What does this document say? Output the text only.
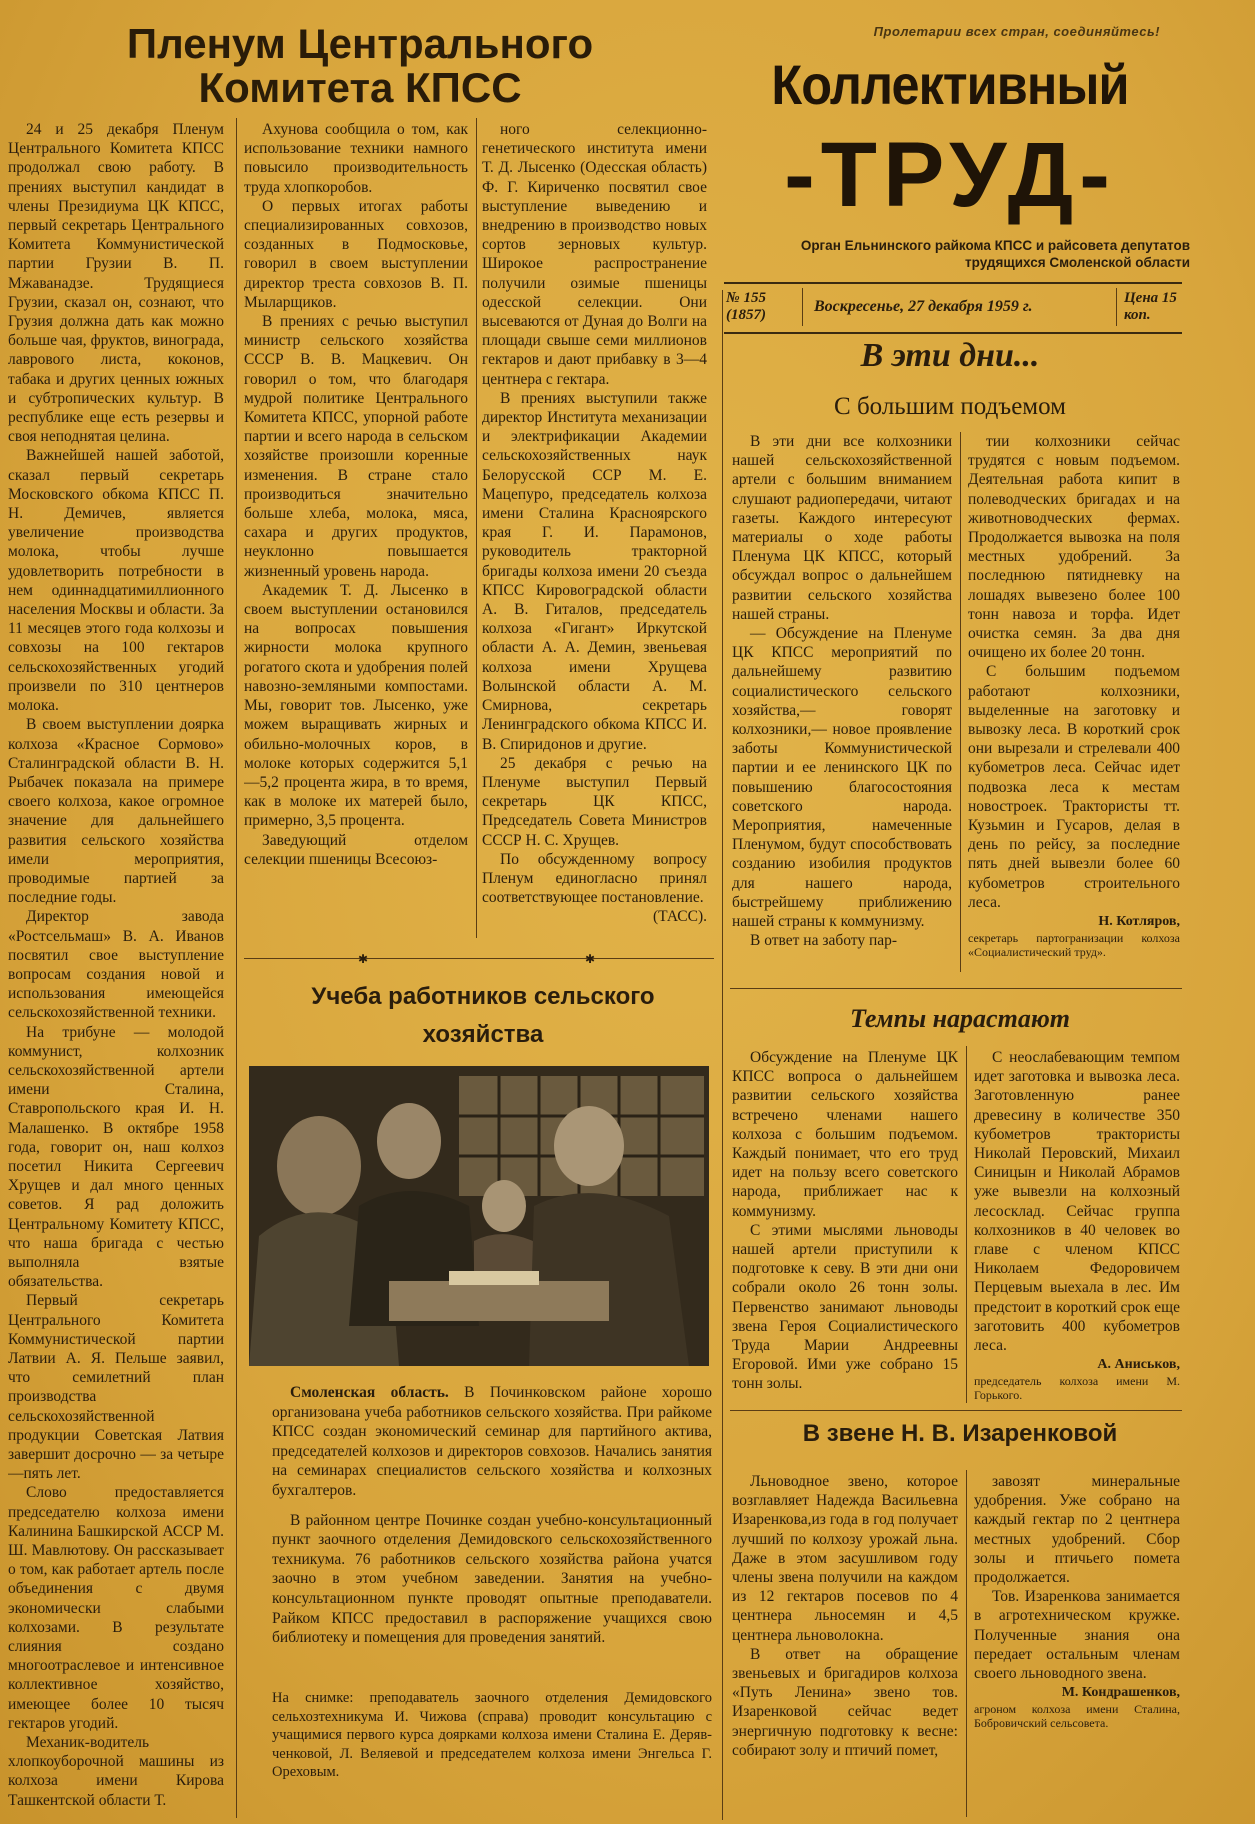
Пленум Центрального Комитета КПСС

24 и 25 декабря Пленум Центрального Комитета КПСС продолжал свою работу. В прениях выступил кандидат в члены Президиума ЦК КПСС, первый секретарь Центрального Комитета Коммунистической партии Грузии В. П. Мжаванадзе. Трудящиеся Грузии, сказал он, сознают, что Грузия должна дать как можно больше чая, фруктов, винограда, лаврового листа, коконов, табака и других ценных южных и субтропических культур. В республике еще есть резервы и своя неподнятая целина.

Важнейшей нашей заботой, сказал первый секретарь Московского обкома КПСС П. Н. Демичев, является увеличение производства молока, чтобы лучше удовлетворить потребности в нем одиннадцатимиллионного населения Москвы и области. За 11 месяцев этого года колхозы и совхозы на 100 гектаров сельскохозяйственных угодий произвели по 310 центнеров молока.

В своем выступлении доярка колхоза «Красное Сормово» Сталинградской области В. Н. Рыбачек показала на примере своего колхоза, какое огромное значение для дальнейшего развития сельского хозяйства имели мероприятия, проводимые партией за последние годы.

Директор завода «Ростсельмаш» В. А. Иванов посвятил свое выступление вопросам создания новой и использования имеющейся сельскохозяйственной техники.

На трибуне — молодой коммунист, колхозник сельскохозяйственной артели имени Сталина, Ставропольского края И. Н. Малашенко. В октябре 1958 года, говорит он, наш колхоз посетил Никита Сергеевич Хрущев и дал много ценных советов. Я рад доложить Центральному Комитету КПСС, что наша бригада с честью выполняла взятые обязательства.

Первый секретарь Центрального Комитета Коммунистической партии Латвии А. Я. Пельше заявил, что семилетний план производства сельскохозяйственной продукции Советская Латвия завершит досрочно — за четыре—пять лет.

Слово предоставляется председателю колхоза имени Калинина Башкирской АССР М. Ш. Мавлютову. Он рассказывает о том, как работает артель после объединения с двумя экономически слабыми колхозами. В результате слияния создано многоотраслевое и интенсивное коллективное хозяйство, имеющее более 10 тысяч гектаров угодий.

Механик-водитель хлопкоуборочной машины из колхоза имени Кирова Ташкентской области Т.

Ахунова сообщила о том, как использование техники намного повысило производительность труда хлопкоробов.

О первых итогах работы специализированных совхозов, созданных в Подмосковье, говорил в своем выступлении директор треста совхозов В. П. Мыларщиков.

В прениях с речью выступил министр сельского хозяйства СССР В. В. Мацкевич. Он говорил о том, что благодаря мудрой политике Центрального Комитета КПСС, упорной работе партии и всего народа в сельском хозяйстве произошли коренные изменения. В стране стало производиться значительно больше хлеба, молока, мяса, сахара и других продуктов, неуклонно повышается жизненный уровень народа.

Академик Т. Д. Лысенко в своем выступлении остановился на вопросах повышения жирности молока крупного рогатого скота и удобрения полей навозно-земляными компостами. Мы, говорит тов. Лысенко, уже можем выращивать жирных и обильно-молочных коров, в молоке которых содержится 5,1—5,2 процента жира, в то время, как в молоке их матерей было, примерно, 3,5 процента.

Заведующий отделом селекции пшеницы Всесоюз-

ного селекционно-генетического института имени Т. Д. Лысенко (Одесская область) Ф. Г. Кириченко посвятил свое выступление выведению и внедрению в производство новых сортов зерновых культур. Широкое распространение получили озимые пшеницы одесской селекции. Они высеваются от Дуная до Волги на площади свыше семи миллионов гектаров и дают прибавку в 3—4 центнера с гектара.

В прениях выступили также директор Института механизации и электрификации Академии сельскохозяйственных наук Белорусской ССР М. Е. Мацепуро, председатель колхоза имени Сталина Красноярского края Г. И. Парамонов, руководитель тракторной бригады колхоза имени 20 съезда КПСС Кировоградской области А. В. Гиталов, председатель колхоза «Гигант» Иркутской области А. А. Демин, звеньевая колхоза имени Хрущева Волынской области А. М. Смирнова, секретарь Ленинградского обкома КПСС И. В. Спиридонов и другие.

25 декабря с речью на Пленуме выступил Первый секретарь ЦК КПСС, Председатель Совета Министров СССР Н. С. Хрущев.

По обсужденному вопросу Пленум единогласно принял соответствующее постановление.

(ТАСС).

✱	✱
Пролетарии всех стран, соединяйтесь!
Коллективный
-ТРУД-
Орган Ельнинского райкома КПСС и райсовета депутатов трудящихся Смоленской области
№ 155 (1857)	Воскресенье, 27 декабря 1959 г.	Цена 15 коп.
В эти дни...
С большим подъемом

В эти дни все колхозники нашей сельскохозяйственной артели с большим вниманием слушают радиопередачи, читают газеты. Каждого интересуют материалы о ходе работы Пленума ЦК КПСС, который обсуждал вопрос о дальнейшем развитии сельского хозяйства нашей страны.

— Обсуждение на Пленуме ЦК КПСС мероприятий по дальнейшему развитию социалистического сельского хозяйства,— говорят колхозники,— новое проявление заботы Коммунистической партии и ее ленинского ЦК по повышению благосостояния советского народа. Мероприятия, намеченные Пленумом, будут способствовать созданию изобилия продуктов для нашего народа, быстрейшему приближению нашей страны к коммунизму.

В ответ на заботу пар-

тии колхозники сейчас трудятся с новым подъемом. Деятельная работа кипит в полеводческих бригадах и на животноводческих фермах. Продолжается вывозка на поля местных удобрений. За последнюю пятидневку на лошадях вывезено более 100 тонн навоза и торфа. Идет очистка семян. За два дня очищено их более 20 тонн.

С большим подъемом работают колхозники, выделенные на заготовку и вывозку леса. В короткий срок они вырезали и стрелевали 400 кубометров леса. Сейчас идет подвозка леса к местам новостроек. Трактористы тт. Кузьмин и Гусаров, делая в день по рейсу, за последние пять дней вывезли более 60 кубометров строительного леса.

Н. Котляров,
секретарь партогранизации колхоза «Социалистический труд».
Учеба работников сельского хозяйства

Смоленская область. В Починковском районе хорошо организована учеба работников сельского хозяйства. При райкоме КПСС создан экономический семинар для партийного актива, председателей колхозов и директоров совхозов. Начались занятия на семинарах специалистов сельского хозяйства и колхозных бухгалтеров.

В районном центре Починке создан учебно-консультационный пункт заочного отделения Демидовского сельскохозяйственного техникума. 76 работников сельского хозяйства района учатся заочно в этом учебном заведении. Занятия на учебно-консультационном пункте проводят опытные преподаватели. Райком КПСС предоставил в распоряжение учащихся свою библиотеку и помещения для проведения занятий.

На снимке: преподаватель заочного отделения Демидовского сельхозтехникума И. Чижова (справа) проводит консультацию с учащимися первого курса доярками колхоза имени Сталина Е. Деряв-ченковой, Л. Веляевой и председателем колхоза имени Энгельса Г. Ореховым.
Темпы нарастают

Обсуждение на Пленуме ЦК КПСС вопроса о дальнейшем развитии сельского хозяйства встречено членами нашего колхоза с большим подъемом. Каждый понимает, что его труд идет на пользу всего советского народа, приближает нас к коммунизму.

С этими мыслями льноводы нашей артели приступили к подготовке к севу. В эти дни они собрали около 26 тонн золы. Первенство занимают льноводы звена Героя Социалистического Труда Марии Андреевны Егоровой. Ими уже собрано 15 тонн золы.

С неослабевающим темпом идет заготовка и вывозка леса. Заготовленную ранее древесину в количестве 350 кубометров трактористы Николай Перовский, Михаил Синицын и Николай Абрамов уже вывезли на колхозный лесосклад. Сейчас группа колхозников в 40 человек во главе с членом КПСС Николаем Федоровичем Перцевым выехала в лес. Им предстоит в короткий срок еще заготовить 400 кубометров леса.

А. Аниськов,
председатель колхоза имени М. Горького.
В звене Н. В. Изаренковой

Льноводное звено, которое возглавляет Надежда Васильевна Изаренкова,из года в год получает лучший по колхозу урожай льна. Даже в этом засушливом году члены звена получили на каждом из 12 гектаров посевов по 4 центнера льносемян и 4,5 центнера льноволокна.

В ответ на обращение звеньевых и бригадиров колхоза «Путь Ленина» звено тов. Изаренковой сейчас ведет энергичную подготовку к весне: собирают золу и птичий помет,

завозят минеральные удобрения. Уже собрано на каждый гектар по 2 центнера местных удобрений. Сбор золы и птичьего помета продолжается.

Тов. Изаренкова занимается в агротехническом кружке. Полученные знания она передает остальным членам своего льноводного звена.

М. Кондрашенков,
агроном колхоза имени Сталина, Бобровичский сельсовета.
